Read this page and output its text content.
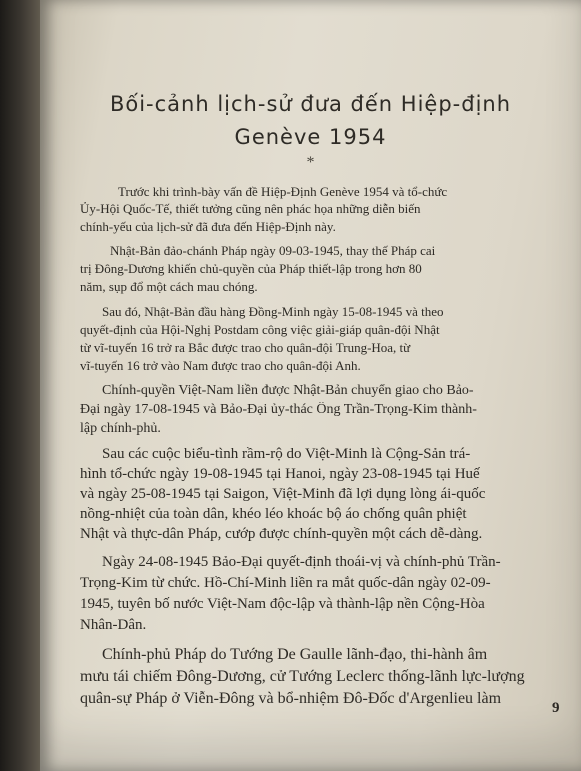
Bối-cảnh lịch-sử đưa đến Hiệp-định
Genève 1954
*
Trước khi trình-bày vấn đề Hiệp-Định Genève 1954 và tổ-chức
Ủy-Hội Quốc-Tế, thiết tưởng cũng nên phác họa những diễn biến
chính-yếu của lịch-sử đã đưa đến Hiệp-Định này.
Nhật-Bản đảo-chánh Pháp ngày 09-03-1945, thay thế Pháp cai
trị Đông-Dương khiến chủ-quyền của Pháp thiết-lập trong hơn 80
năm, sụp đổ một cách mau chóng.
Sau đó, Nhật-Bản đầu hàng Đồng-Minh ngày 15-08-1945 và theo
quyết-định của Hội-Nghị Postdam công việc giải-giáp quân-đội Nhật
từ vĩ-tuyến 16 trở ra Bắc được trao cho quân-đội Trung-Hoa, từ
vĩ-tuyến 16 trở vào Nam được trao cho quân-đội Anh.
Chính-quyền Việt-Nam liền được Nhật-Bản chuyển giao cho Bảo-
Đại ngày 17-08-1945 và Bảo-Đại ủy-thác Ông Trần-Trọng-Kim thành-
lập chính-phủ.
Sau các cuộc biểu-tình rầm-rộ do Việt-Minh là Cộng-Sản trá-
hình tổ-chức ngày 19-08-1945 tại Hanoi, ngày 23-08-1945 tại Huế
và ngày 25-08-1945 tại Saigon, Việt-Minh đã lợi dụng lòng ái-quốc
nồng-nhiệt của toàn dân, khéo léo khoác bộ áo chống quân phiệt
Nhật và thực-dân Pháp, cướp được chính-quyền một cách dễ-dàng.
Ngày 24-08-1945 Bảo-Đại quyết-định thoái-vị và chính-phủ Trần-
Trọng-Kim từ chức. Hồ-Chí-Minh liền ra mắt quốc-dân ngày 02-09-
1945, tuyên bố nước Việt-Nam độc-lập và thành-lập nền Cộng-Hòa
Nhân-Dân.
Chính-phủ Pháp do Tướng De Gaulle lãnh-đạo, thi-hành âm
mưu tái chiếm Đông-Dương, cử Tướng Leclerc thống-lãnh lực-lượng
quân-sự Pháp ở Viễn-Đông và bổ-nhiệm Đô-Đốc d'Argenlieu làm
9
